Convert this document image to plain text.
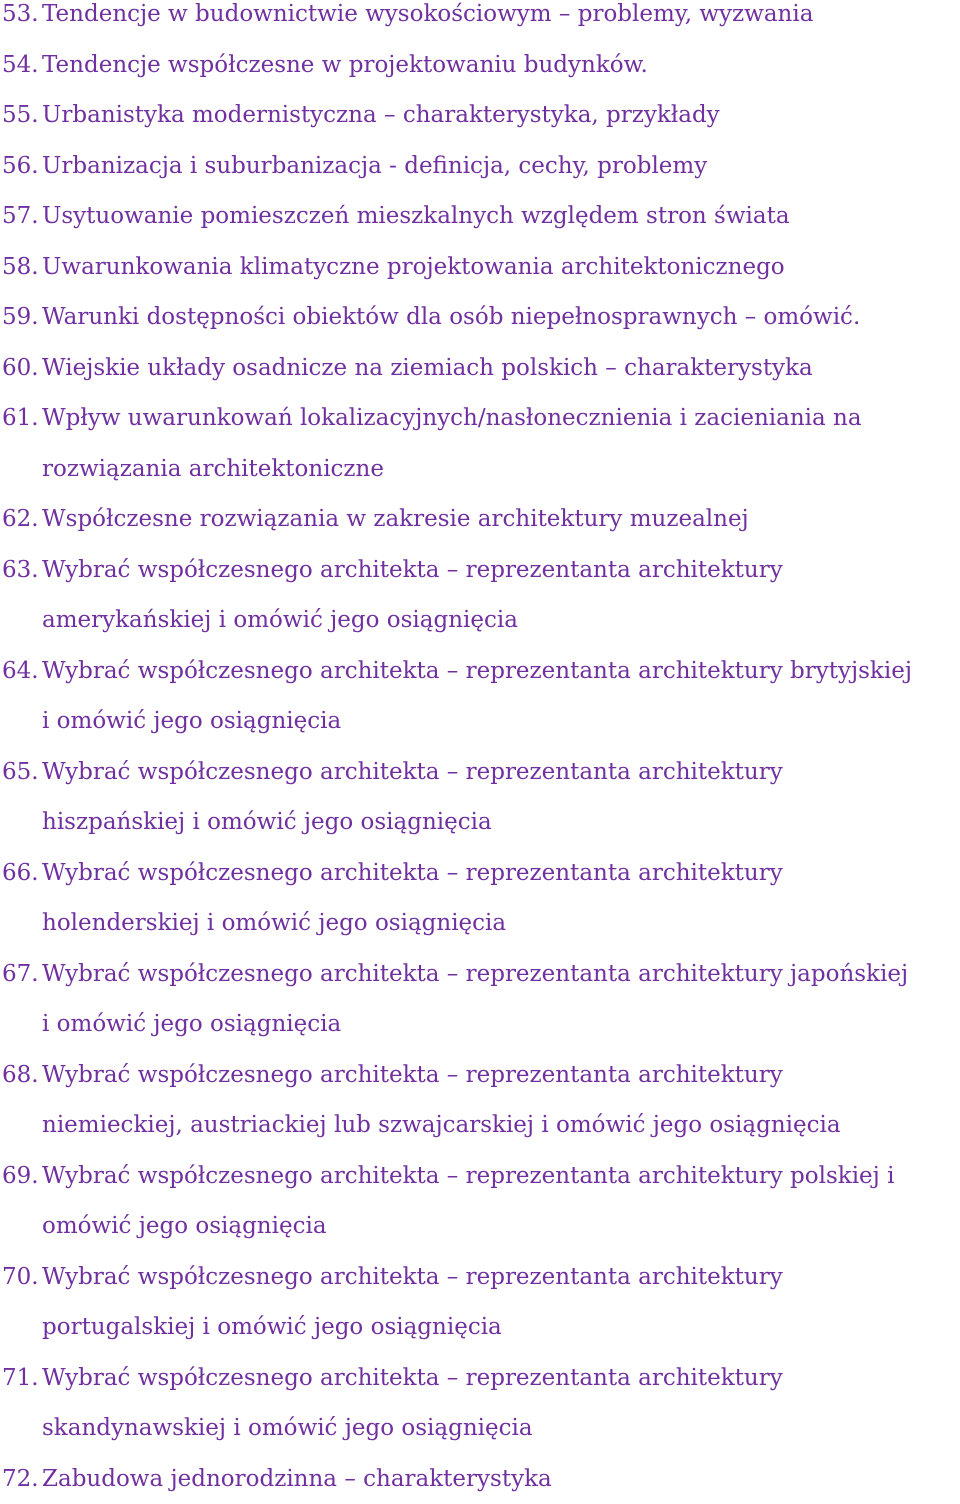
53. Tendencje w budownictwie wysokościowym – problemy, wyzwania
54. Tendencje współczesne w projektowaniu budynków.
55. Urbanistyka modernistyczna – charakterystyka, przykłady
56. Urbanizacja i suburbanizacja - definicja, cechy, problemy
57. Usytuowanie pomieszczeń mieszkalnych względem stron świata
58. Uwarunkowania klimatyczne projektowania architektonicznego
59. Warunki dostępności obiektów dla osób niepełnosprawnych – omówić.
60. Wiejskie układy osadnicze na ziemiach polskich – charakterystyka
61. Wpływ uwarunkowań lokalizacyjnych/nasłonecznienia i zacieniania na
rozwiązania architektoniczne
62. Współczesne rozwiązania w zakresie architektury muzealnej
63. Wybrać współczesnego architekta – reprezentanta architektury
amerykańskiej i omówić jego osiągnięcia
64. Wybrać współczesnego architekta – reprezentanta architektury brytyjskiej
i omówić jego osiągnięcia
65. Wybrać współczesnego architekta – reprezentanta architektury
hiszpańskiej i omówić jego osiągnięcia
66. Wybrać współczesnego architekta – reprezentanta architektury
holenderskiej i omówić jego osiągnięcia
67. Wybrać współczesnego architekta – reprezentanta architektury japońskiej
i omówić jego osiągnięcia
68. Wybrać współczesnego architekta – reprezentanta architektury
niemieckiej, austriackiej lub szwajcarskiej i omówić jego osiągnięcia
69. Wybrać współczesnego architekta – reprezentanta architektury polskiej i
omówić jego osiągnięcia
70. Wybrać współczesnego architekta – reprezentanta architektury
portugalskiej i omówić jego osiągnięcia
71. Wybrać współczesnego architekta – reprezentanta architektury
skandynawskiej i omówić jego osiągnięcia
72. Zabudowa jednorodzinna – charakterystyka
